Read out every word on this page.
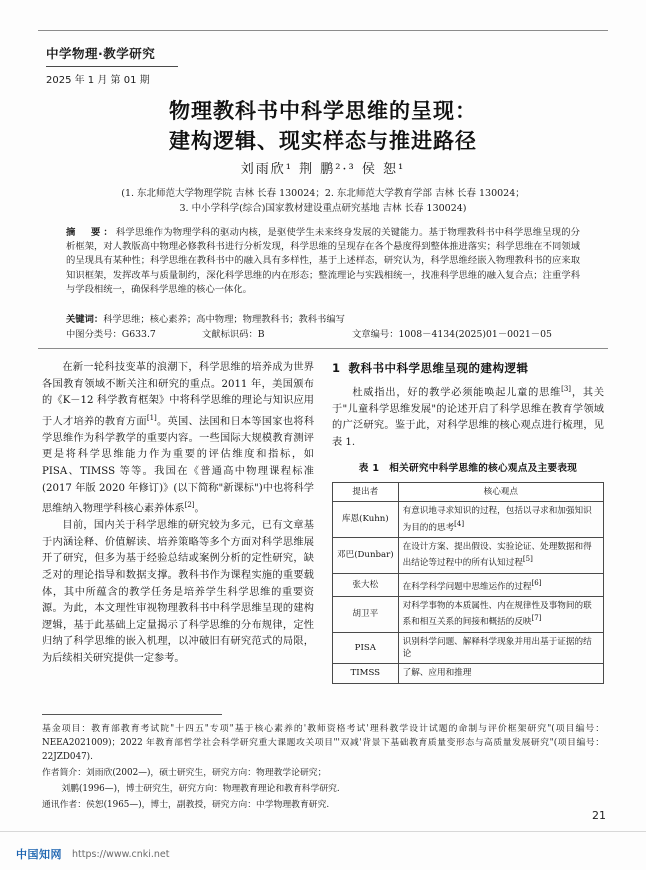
中学物理·教学研究
2025 年 1 月 第 01 期
物理教科书中科学思维的呈现：
建构逻辑、现实样态与推进路径
刘雨欣¹ 荆 鹏²·³ 侯 恕¹
(1. 东北师范大学物理学院 吉林 长春 130024；2. 东北师范大学教育学部 吉林 长春 130024；
3. 中小学科学(综合)国家教材建设重点研究基地 吉林 长春 130024)
摘　要：科学思维作为物理学科的驱动内核，是驱使学生未来终身发展的关键能力。基于物理教科书中科学思维呈现的分析框架，对人教版高中物理必修教科书进行分析发现，科学思维的呈现存在各个悬度得到整体推进落实；科学思维在不同领域的呈现具有某种性；科学思维在教科书中的融入具有多样性，基于上述样态，研究认为，科学思维经嵌入物理教科书的应来取知识框架，发挥改革与质量制约，深化科学思维的内在形态；整流理论与实践相统一，找准科学思维的融入复合点；注重学科与学段相统一，确保科学思维的核心一体化。
关键词：科学思维；核心素养；高中物理；物理教科书；教科书编写
中图分类号：G633.7	文献标识码：B	文章编号：1008－4134(2025)01－0021－05

在新一轮科技变革的浪潮下，科学思维的培养成为世界各国教育领域不断关注和研究的重点。2011 年，美国颁布的《K－12 科学教育框架》中将科学思维的理论与知识应用于人才培养的教育方面[1]。英国、法国和日本等国家也将科学思维作为科学教学的重要内容。一些国际大规模教育测评更是将科学思维能力作为重要的评估维度和指标，如 PISA、TIMSS 等等。我国在《普通高中物理课程标准(2017 年版 2020 年修订)》(以下简称"新课标")中也将科学思维纳入物理学科核心素养体系[2]。

目前，国内关于科学思维的研究较为多元，已有文章基于内涵诠释、价值解读、培养策略等多个方面对科学思维展开了研究，但多为基于经验总结或案例分析的定性研究，缺乏对的理论指导和数据支撑。教科书作为课程实施的重要载体，其中所蕴含的教学任务是培养学生科学思维的重要资源。为此，本文理性审视物理教科书中科学思维呈现的建构逻辑，基于此基础上定量揭示了科学思维的分布规律，定性归纳了科学思维的嵌入机理，以冲破旧有研究范式的局限，为后续相关研究提供一定参考。

1 教科书中科学思维呈现的建构逻辑

杜威指出，好的教学必须能唤起儿童的思维[3]，其关于"儿童科学思维发展"的论述开启了科学思维在教育学领域的广泛研究。鉴于此，对科学思维的核心观点进行梳理，见表 1.

表 1　相关研究中科学思维的核心观点及主要表现
提出者	核心观点
库恩(Kuhn)	有意识地寻求知识的过程，包括以寻求和加强知识为目的的思考[4]
邓巴(Dunbar)	在设计方案、提出假设、实验论证、处理数据和得出结论等过程中的所有认知过程[5]
张大松	在科学科学问题中思维运作的过程[6]
胡卫平	对科学事物的本质属性、内在规律性及事物间的联系和相互关系的间接和概括的反映[7]
PISA	识别科学问题、解释科学现象并用出基于证据的结论
TIMSS	了解、应用和推理
基金项目：教育部教育考试院"十四五"专项"基于核心素养的'教师资格考试'理科教学设计试题的命制与评价框架研究"(项目编号：NEEA2021009)；2022 年教育部哲学社会科学研究重大课题攻关项目"'双减'背景下基础教育质量变形态与高质量发展研究"(项目编号：22JZD047).
作者简介：刘雨欣(2002—)，硕士研究生，研究方向：物理教学论研究；
刘鹏(1996—)，博士研究生，研究方向：物理教育理论和教育科学研究.
通讯作者：侯恕(1965—)，博士，副教授，研究方向：中学物理教育研究.
21
中国知网 https://www.cnki.net
